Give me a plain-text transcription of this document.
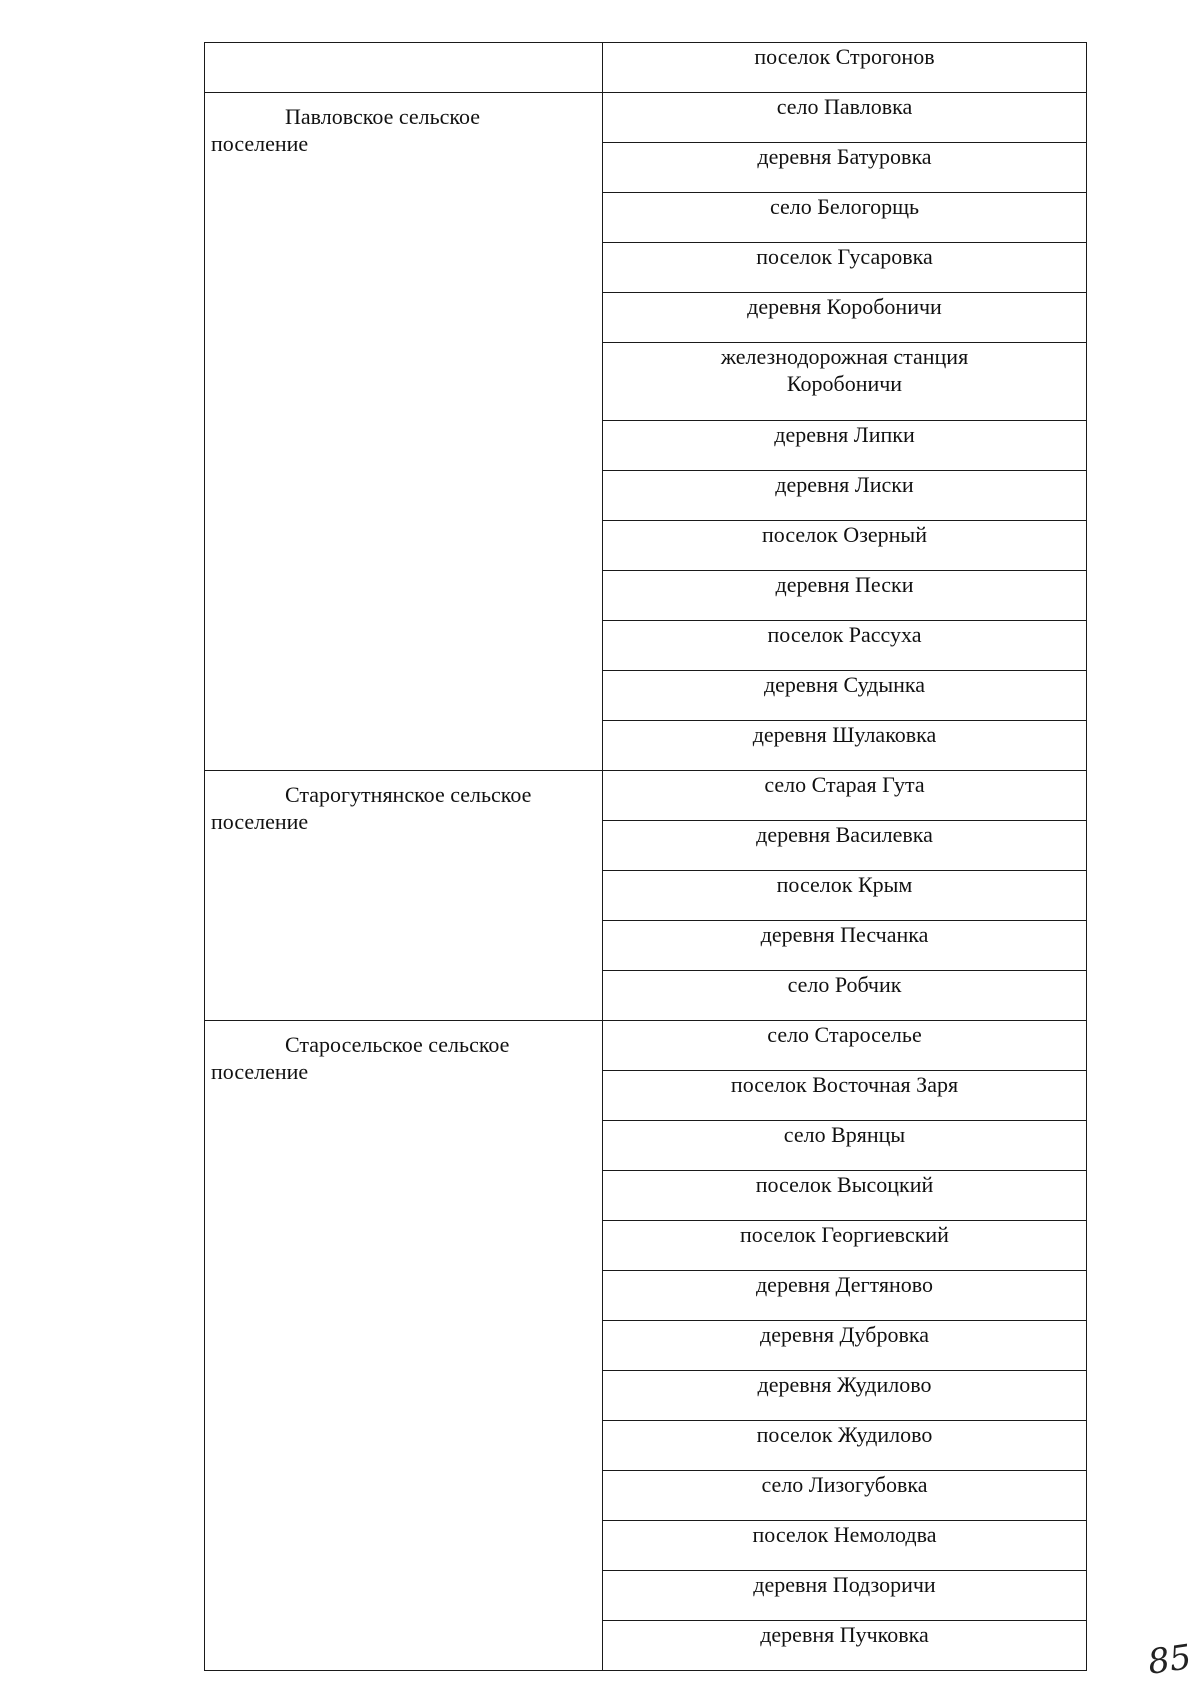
	поселок Строгонов

Павловское сельское поселение	село Павловка
	деревня Батуровка
	село Белогорщь
	поселок Гусаровка
	деревня Коробоничи
	железнодорожная станция Коробоничи
	деревня Липки
	деревня Лиски
	поселок Озерный
	деревня Пески
	поселок Рассуха
	деревня Судынка
	деревня Шулаковка

Старогутнянское сельское поселение	село Старая Гута
	деревня Василевка
	поселок Крым
	деревня Песчанка
	село Робчик

Старосельское сельское поселение	село Староселье
	поселок Восточная Заря
	село Врянцы
	поселок Высоцкий
	поселок Георгиевский
	деревня Дегтяново
	деревня Дубровка
	деревня Жудилово
	поселок Жудилово
	село Лизогубовка
	поселок Немолодва
	деревня Подзоричи
	деревня Пучковка
85
